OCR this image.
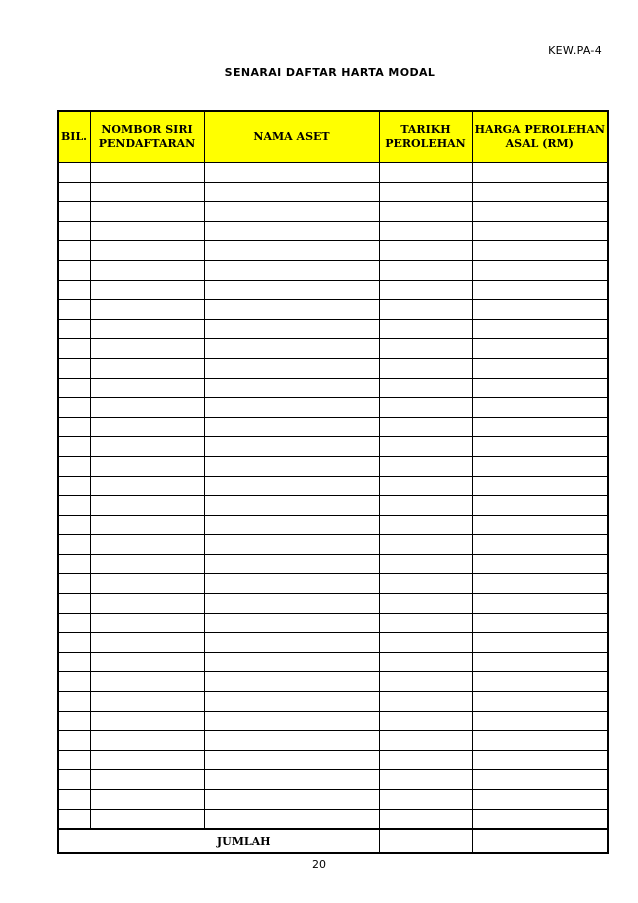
KEW.PA-4
SENARAI DAFTAR HARTA MODAL
BIL.	NOMBOR SIRI PENDAFTARAN	NAMA ASET	TARIKH PEROLEHAN	HARGA PEROLEHAN ASAL (RM)

JUMLAH				
20
